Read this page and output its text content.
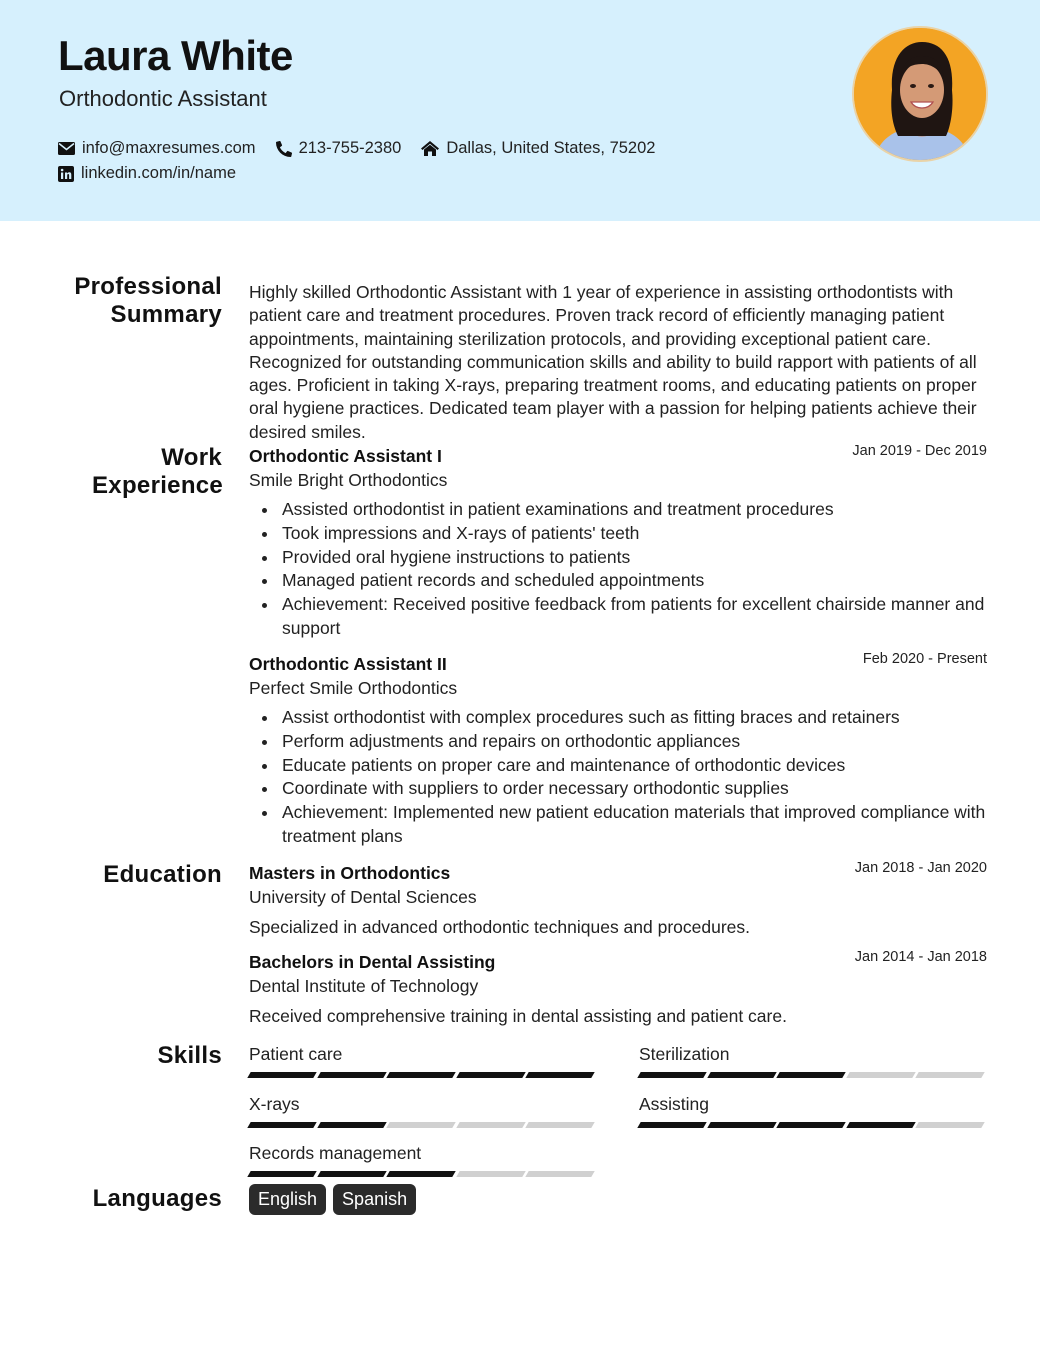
Laura White
Orthodontic Assistant
info@maxresumes.com	213-755-2380	Dallas, United States, 75202
linkedin.com/in/name
Professional Summary
Highly skilled Orthodontic Assistant with 1 year of experience in assisting orthodontists with patient care and treatment procedures. Proven track record of efficiently managing patient appointments, maintaining sterilization protocols, and providing exceptional patient care. Recognized for outstanding communication skills and ability to build rapport with patients of all ages. Proficient in taking X-rays, preparing treatment rooms, and educating patients on proper oral hygiene practices. Dedicated team player with a passion for helping patients achieve their desired smiles.
Work Experience
Orthodontic Assistant I	Jan 2019 - Dec 2019
Smile Bright Orthodontics
Assisted orthodontist in patient examinations and treatment procedures
Took impressions and X-rays of patients' teeth
Provided oral hygiene instructions to patients
Managed patient records and scheduled appointments
Achievement: Received positive feedback from patients for excellent chairside manner and support
Orthodontic Assistant II	Feb 2020 - Present
Perfect Smile Orthodontics
Assist orthodontist with complex procedures such as fitting braces and retainers
Perform adjustments and repairs on orthodontic appliances
Educate patients on proper care and maintenance of orthodontic devices
Coordinate with suppliers to order necessary orthodontic supplies
Achievement: Implemented new patient education materials that improved compliance with treatment plans
Education Masters in Orthodontics	Jan 2018 - Jan 2020
University of Dental Sciences
Specialized in advanced orthodontic techniques and procedures.
Bachelors in Dental Assisting	Jan 2014 - Jan 2018
Dental Institute of Technology
Received comprehensive training in dental assisting and patient care.
Skills Patient care	Sterilization
X-rays	Assisting
Records management
Languages	English	Spanish
